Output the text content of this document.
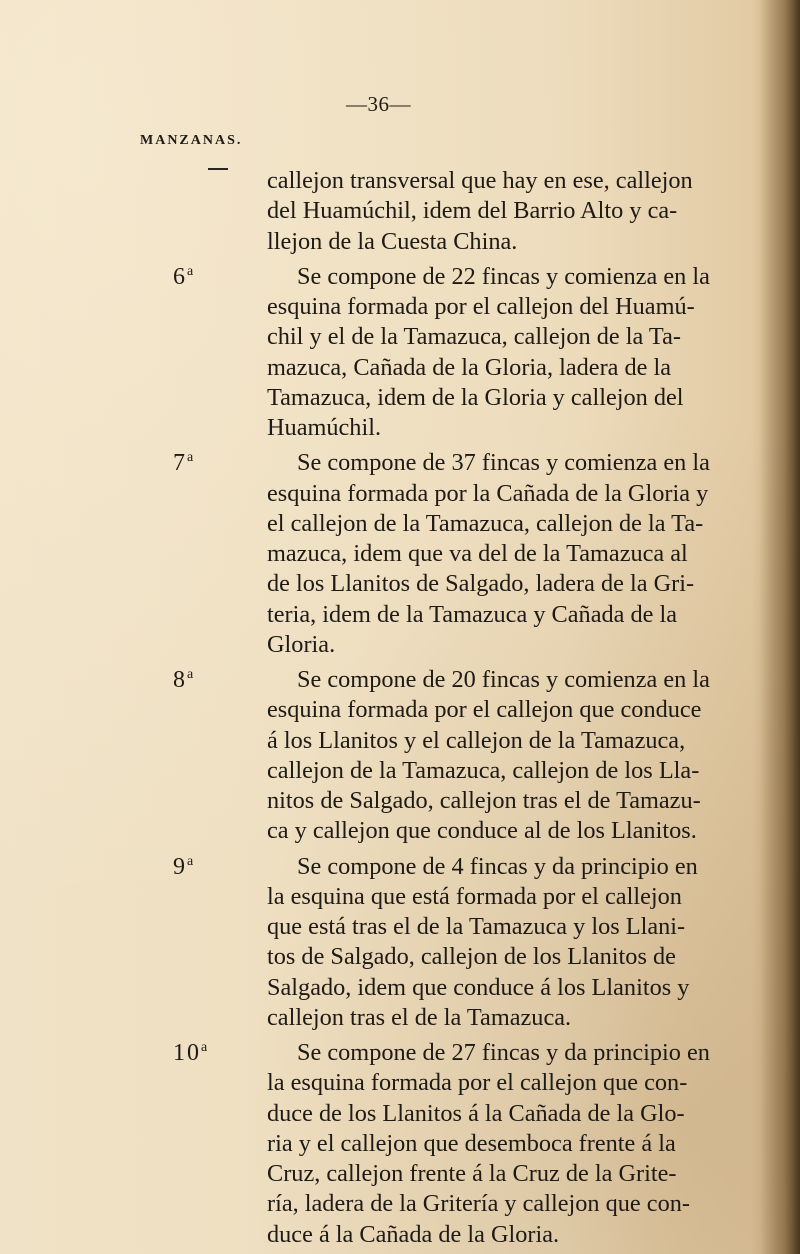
—36—
MANZANAS.
callejon transversal que hay en ese, callejon
del Huamúchil, idem del Barrio Alto y ca-
llejon de la Cuesta China.
6$^a$	Se compone de 22 fincas y comienza en la
esquina formada por el callejon del Huamú-
chil y el de la Tamazuca, callejon de la Ta-
mazuca, Cañada de la Gloria, ladera de la
Tamazuca, idem de la Gloria y callejon del
Huamúchil.
7$^a$	Se compone de 37 fincas y comienza en la
esquina formada por la Cañada de la Gloria y
el callejon de la Tamazuca, callejon de la Ta-
mazuca, idem que va del de la Tamazuca al
de los Llanitos de Salgado, ladera de la Gri-
teria, idem de la Tamazuca y Cañada de la
Gloria.
8$^a$	Se compone de 20 fincas y comienza en la
esquina formada por el callejon que conduce
á los Llanitos y el callejon de la Tamazuca,
callejon de la Tamazuca, callejon de los Lla-
nitos de Salgado, callejon tras el de Tamazu-
ca y callejon que conduce al de los Llanitos.
9$^a$	Se compone de 4 fincas y da principio en
la esquina que está formada por el callejon
que está tras el de la Tamazuca y los Llani-
tos de Salgado, callejon de los Llanitos de
Salgado, idem que conduce á los Llanitos y
callejon tras el de la Tamazuca.
10$^a$	Se compone de 27 fincas y da principio en
la esquina formada por el callejon que con-
duce de los Llanitos á la Cañada de la Glo-
ria y el callejon que desemboca frente á la
Cruz, callejon frente á la Cruz de la Grite-
ría, ladera de la Gritería y callejon que con-
duce á la Cañada de la Gloria.
